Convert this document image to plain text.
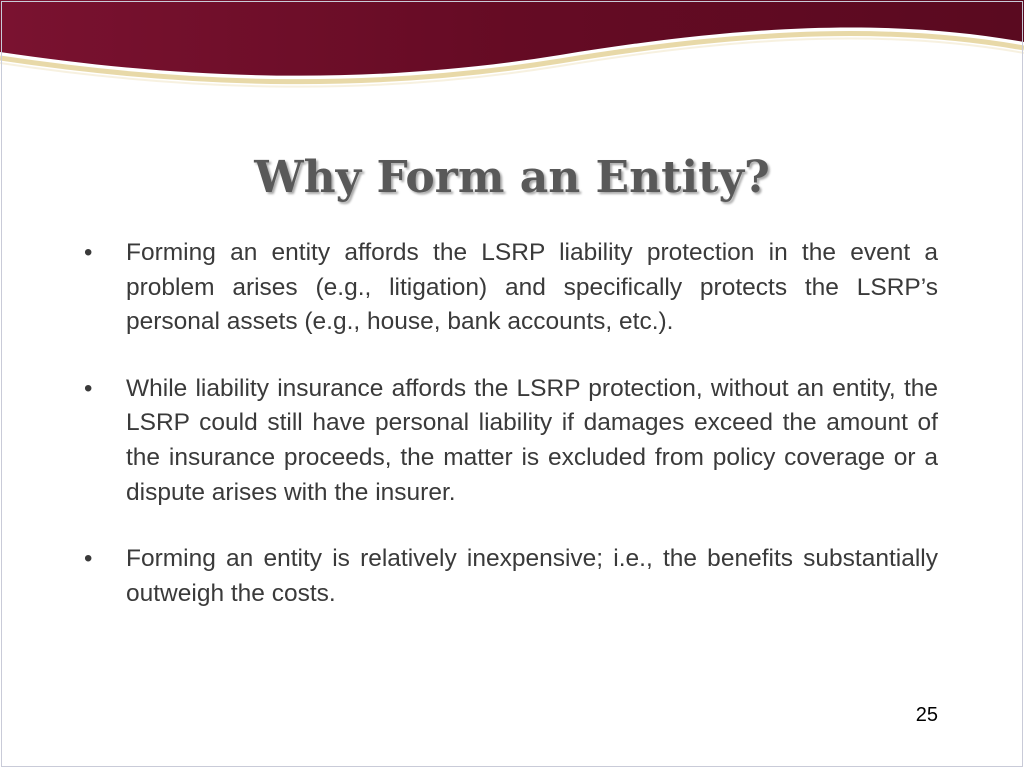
Why Form an Entity?
• Forming an entity affords the LSRP liability protection in the event a problem arises (e.g., litigation) and specifically protects the LSRP’s personal assets (e.g., house, bank accounts, etc.).
• While liability insurance affords the LSRP protection, without an entity, the LSRP could still have personal liability if damages exceed the amount of the insurance proceeds, the matter is excluded from policy coverage or a dispute arises with the insurer.
• Forming an entity is relatively inexpensive; i.e., the benefits substantially outweigh the costs.
25
